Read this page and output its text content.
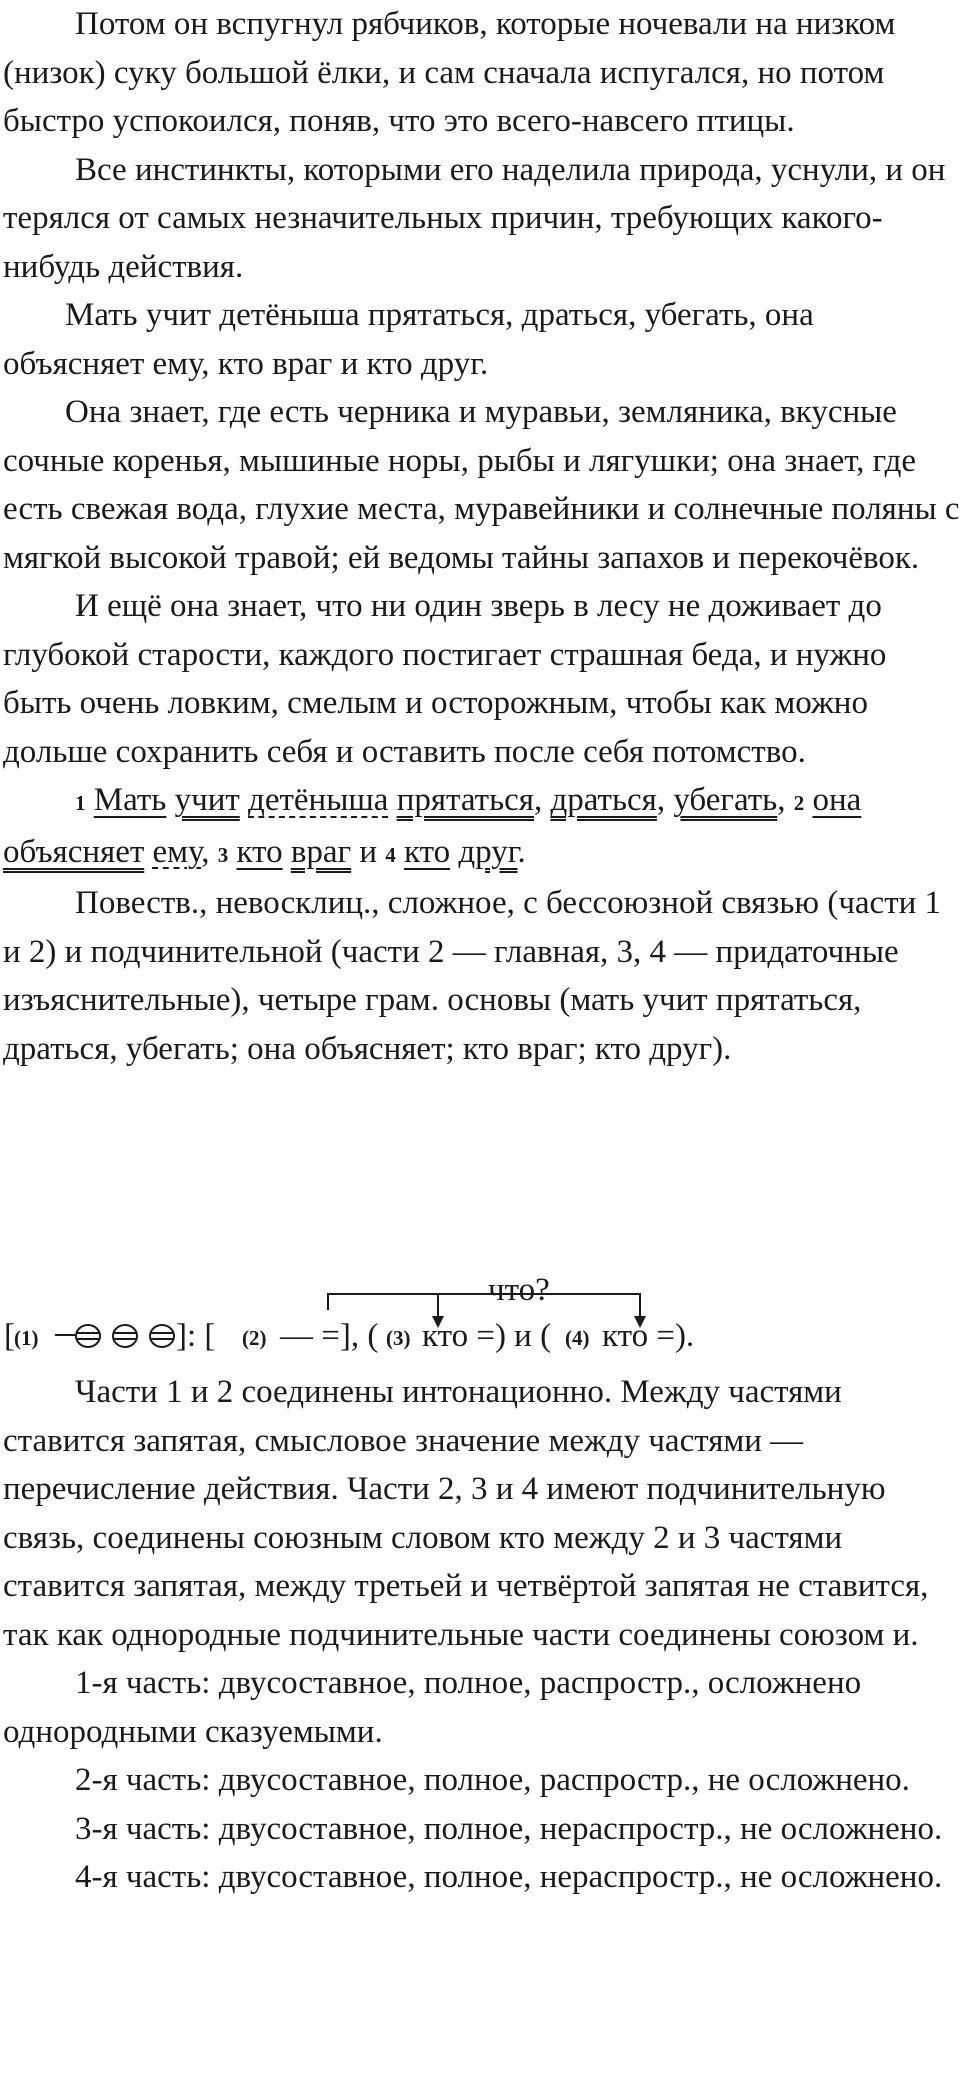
Потом он вспугнул рябчиков, которые ночевали на низком (низок) суку большой ёлки, и сам сначала испугался, но потом быстро успокоился, поняв, что это всего-навсего птицы.

Все инстинкты, которыми его наделила природа, уснули, и он терялся от самых незначительных причин, требующих какого-нибудь действия.

Мать учит детёныша прятаться, драться, убегать, она объясняет ему, кто враг и кто друг.

Она знает, где есть черника и муравьи, земляника, вкусные сочные коренья, мышиные норы, рыбы и лягушки; она знает, где есть свежая вода, глухие места, муравейники и солнечные поляны с мягкой высокой травой; ей ведомы тайны запахов и перекочёвок.

И ещё она знает, что ни один зверь в лесу не доживает до глубокой старости, каждого постигает страшная беда, и нужно быть очень ловким, смелым и осторожным, чтобы как можно дольше сохранить себя и оставить после себя потомство.

1 Мать учит детёныша прятаться, драться, убегать, 2 она объясняет ему, 3 кто враг и 4 кто друг.

Повеств., невосклиц., сложное, с бессоюзной связью (части 1 и 2) и подчинительной (части 2 — главная, 3, 4 — придаточные изъяснительные), четыре грам. основы (мать учит прятаться, драться, убегать; она объясняет; кто враг; кто друг).

что?
[ (1)	]: [ (2) — =], ( (3) кто =) и ( (4) кто =).

Части 1 и 2 соединены интонационно. Между частями ставится запятая, смысловое значение между частями — перечисление действия. Части 2, 3 и 4 имеют подчинительную связь, соединены союзным словом кто между 2 и 3 частями ставится запятая, между третьей и четвёртой запятая не ставится, так как однородные подчинительные части соединены союзом и.

1-я часть: двусоставное, полное, распростр., осложнено однородными сказуемыми.

2-я часть: двусоставное, полное, распростр., не осложнено.

3-я часть: двусоставное, полное, нераспростр., не осложнено.

4-я часть: двусоставное, полное, нераспростр., не осложнено.
